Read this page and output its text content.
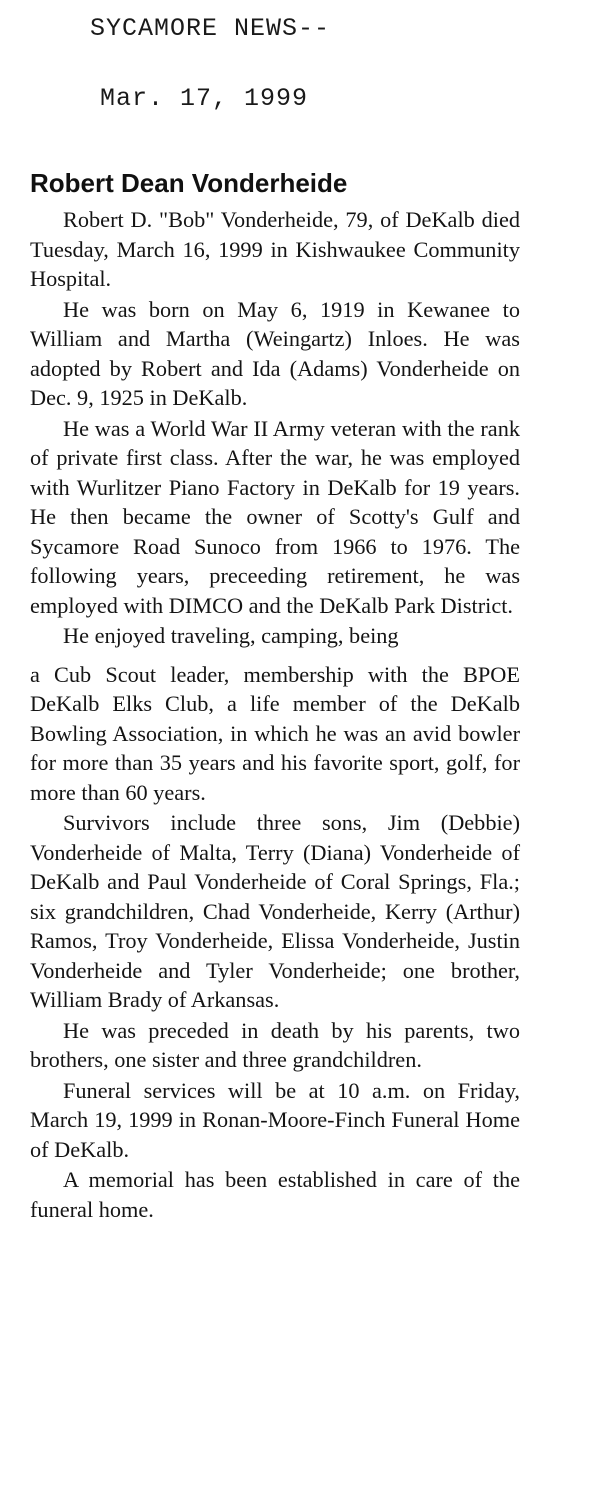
SYCAMORE NEWS--
Mar. 17, 1999
Robert Dean Vonderheide

Robert D. "Bob" Vonderheide, 79, of DeKalb died Tuesday, March 16, 1999 in Kishwaukee Community Hospital.

He was born on May 6, 1919 in Kewanee to William and Martha (Weingartz) Inloes. He was adopted by Robert and Ida (Adams) Vonderheide on Dec. 9, 1925 in DeKalb.

He was a World War II Army veteran with the rank of private first class. After the war, he was employed with Wurlitzer Piano Factory in DeKalb for 19 years. He then became the owner of Scotty's Gulf and Sycamore Road Sunoco from 1966 to 1976. The following years, preceeding retirement, he was employed with DIMCO and the DeKalb Park District.

He enjoyed traveling, camping, being

a Cub Scout leader, membership with the BPOE DeKalb Elks Club, a life member of the DeKalb Bowling Association, in which he was an avid bowler for more than 35 years and his favorite sport, golf, for more than 60 years.

Survivors include three sons, Jim (Debbie) Vonderheide of Malta, Terry (Diana) Vonderheide of DeKalb and Paul Vonderheide of Coral Springs, Fla.; six grandchildren, Chad Vonderheide, Kerry (Arthur) Ramos, Troy Vonderheide, Elissa Vonderheide, Justin Vonderheide and Tyler Vonderheide; one brother, William Brady of Arkansas.

He was preceded in death by his parents, two brothers, one sister and three grandchildren.

Funeral services will be at 10 a.m. on Friday, March 19, 1999 in Ronan-Moore-Finch Funeral Home of DeKalb.

A memorial has been established in care of the funeral home.
